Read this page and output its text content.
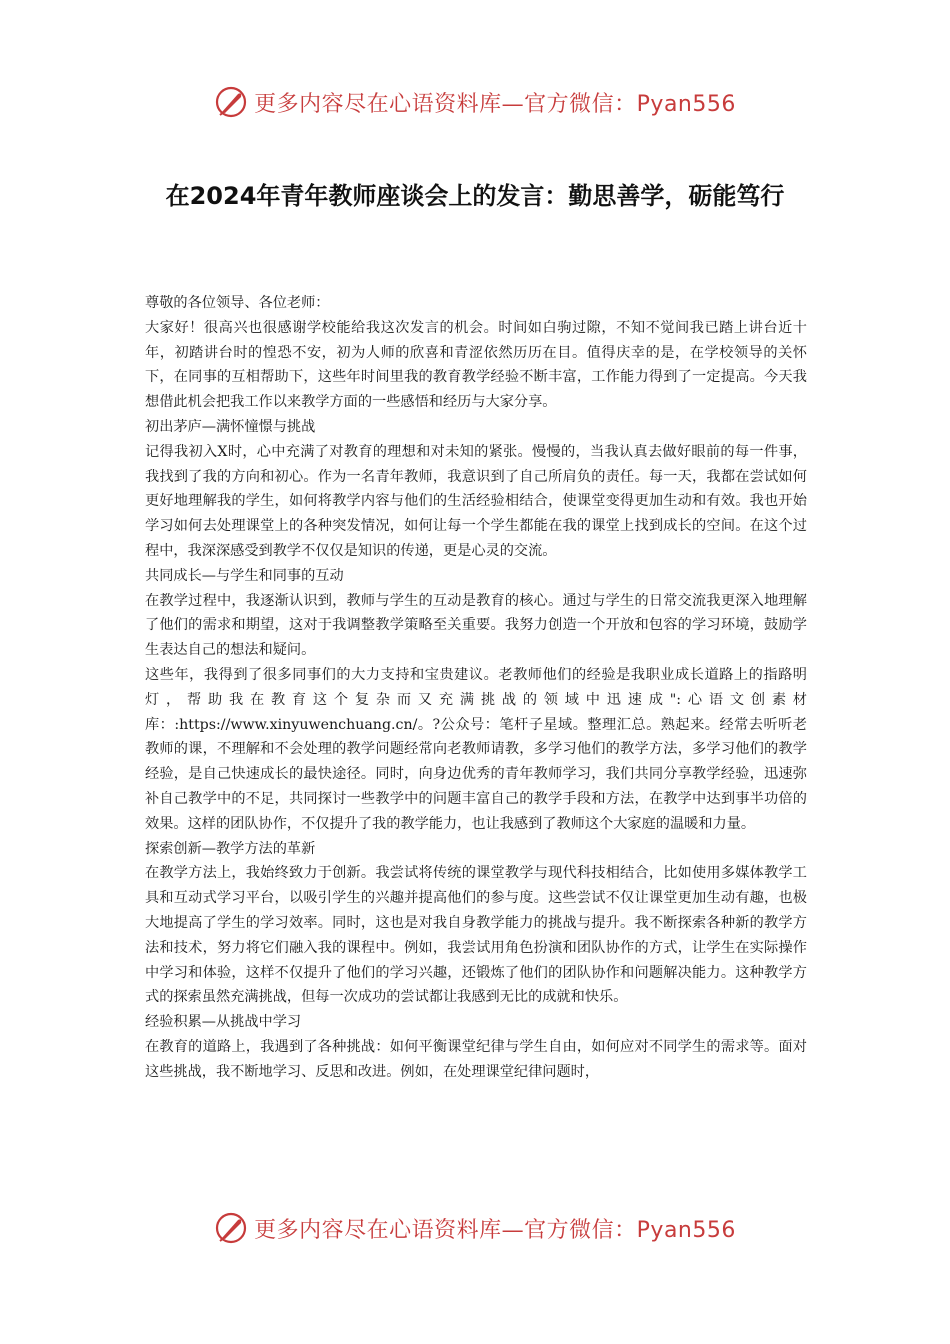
更多内容尽在心语资料库—官方微信：Pyan556
在2024年青年教师座谈会上的发言：勤思善学，砺能笃行

尊敬的各位领导、各位老师：

大家好！很高兴也很感谢学校能给我这次发言的机会。时间如白驹过隙，不知不觉间我已踏上讲台近十年，初踏讲台时的惶恐不安，初为人师的欣喜和青涩依然历历在目。值得庆幸的是，在学校领导的关怀下，在同事的互相帮助下，这些年时间里我的教育教学经验不断丰富，工作能力得到了一定提高。今天我想借此机会把我工作以来教学方面的一些感悟和经历与大家分享。

初出茅庐—满怀憧憬与挑战

记得我初入X时，心中充满了对教育的理想和对未知的紧张。慢慢的，当我认真去做好眼前的每一件事，我找到了我的方向和初心。作为一名青年教师，我意识到了自己所肩负的责任。每一天，我都在尝试如何更好地理解我的学生，如何将教学内容与他们的生活经验相结合，使课堂变得更加生动和有效。我也开始学习如何去处理课堂上的各种突发情况，如何让每一个学生都能在我的课堂上找到成长的空间。在这个过程中，我深深感受到教学不仅仅是知识的传递，更是心灵的交流。

共同成长—与学生和同事的互动

在教学过程中，我逐渐认识到，教师与学生的互动是教育的核心。通过与学生的日常交流我更深入地理解了他们的需求和期望，这对于我调整教学策略至关重要。我努力创造一个开放和包容的学习环境，鼓励学生表达自己的想法和疑问。

这些年，我得到了很多同事们的大力支持和宝贵建议。老教师他们的经验是我职业成长道路上的指路明灯，帮助我在教育这个复杂而又充满挑战的领域中迅速成":心语文创素材库：:https://www.xinyuwenchuang.cn/。?公众号：笔杆子星域。整理汇总。熟起来。经常去听听老教师的课，不理解和不会处理的教学问题经常向老教师请教，多学习他们的教学方法，多学习他们的教学经验，是自己快速成长的最快途径。同时，向身边优秀的青年教师学习，我们共同分享教学经验，迅速弥补自己教学中的不足，共同探讨一些教学中的问题丰富自己的教学手段和方法，在教学中达到事半功倍的效果。这样的团队协作，不仅提升了我的教学能力，也让我感到了教师这个大家庭的温暖和力量。

探索创新—教学方法的革新

在教学方法上，我始终致力于创新。我尝试将传统的课堂教学与现代科技相结合，比如使用多媒体教学工具和互动式学习平台，以吸引学生的兴趣并提高他们的参与度。这些尝试不仅让课堂更加生动有趣，也极大地提高了学生的学习效率。同时，这也是对我自身教学能力的挑战与提升。我不断探索各种新的教学方法和技术，努力将它们融入我的课程中。例如，我尝试用角色扮演和团队协作的方式，让学生在实际操作中学习和体验，这样不仅提升了他们的学习兴趣，还锻炼了他们的团队协作和问题解决能力。这种教学方式的探索虽然充满挑战，但每一次成功的尝试都让我感到无比的成就和快乐。

经验积累—从挑战中学习

在教育的道路上，我遇到了各种挑战：如何平衡课堂纪律与学生自由，如何应对不同学生的需求等。面对这些挑战，我不断地学习、反思和改进。例如，在处理课堂纪律问题时，

更多内容尽在心语资料库—官方微信：Pyan556
